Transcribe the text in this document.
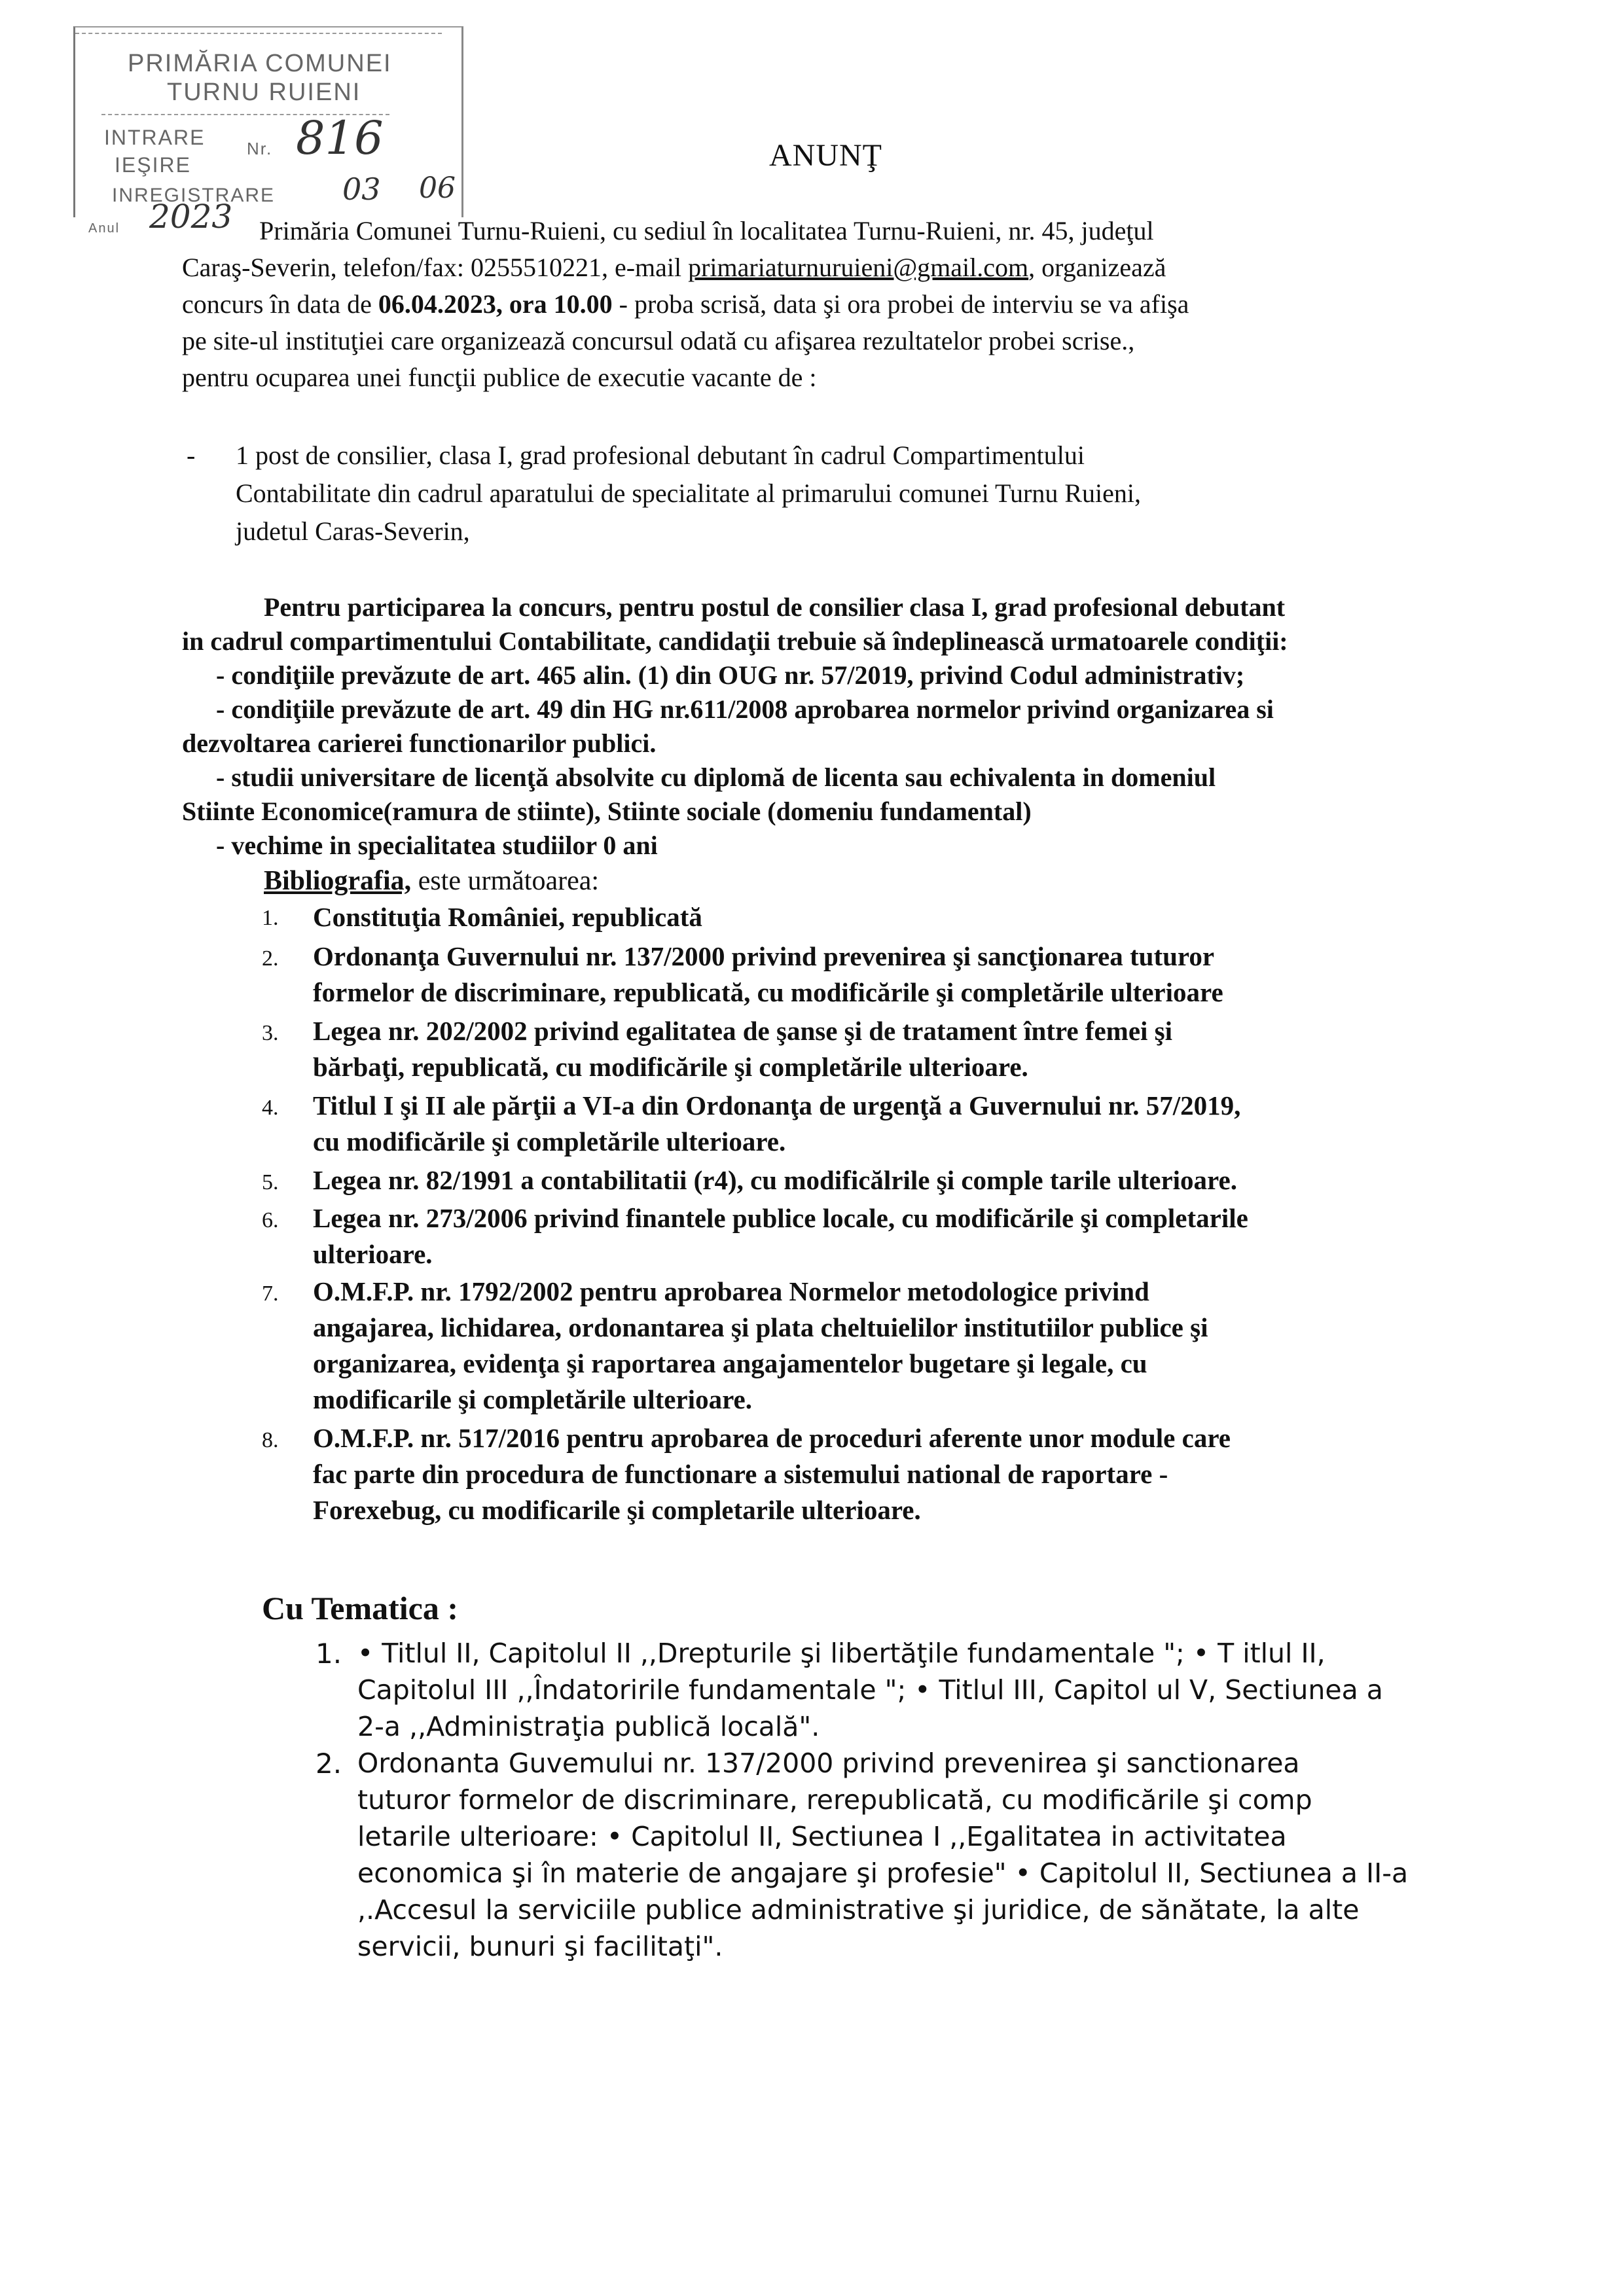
PRIMĂRIA COMUNEI
TURNU RUIENI
INTRARE Nr.
IEŞIRE
INREGISTRARE
Anul
816
03 06
2023
ANUNŢ
Primăria Comunei Turnu-Ruieni, cu sediul în localitatea Turnu-Ruieni, nr. 45, judeţul
Caraş-Severin, telefon/fax: 0255510221, e-mail primariaturnuruieni@gmail.com, organizează
concurs în data de 06.04.2023, ora 10.00 - proba scrisă, data şi ora probei de interviu se va afişa
pe site-ul instituţiei care organizează concursul odată cu afişarea rezultatelor probei scrise.,
pentru ocuparea unei funcţii publice de executie vacante de :
- 1 post de consilier, clasa I, grad profesional debutant în cadrul Compartimentului
Contabilitate din cadrul aparatului de specialitate al primarului comunei Turnu Ruieni,
judetul Caras-Severin,
Pentru participarea la concurs, pentru postul de consilier clasa I, grad profesional debutant
in cadrul compartimentului Contabilitate, candidaţii trebuie să îndeplinească urmatoarele condiţii:
- condiţiile prevăzute de art. 465 alin. (1) din OUG nr. 57/2019, privind Codul administrativ;
- condiţiile prevăzute de art. 49 din HG nr.611/2008 aprobarea normelor privind organizarea si
dezvoltarea carierei functionarilor publici.
- studii universitare de licenţă absolvite cu diplomă de licenta sau echivalenta in domeniul
Stiinte Economice(ramura de stiinte), Stiinte sociale (domeniu fundamental)
- vechime in specialitatea studiilor 0 ani
Bibliografia, este următoarea:
1. Constituţia României, republicată
2. Ordonanţa Guvernului nr. 137/2000 privind prevenirea şi sancţionarea tuturor
formelor de discriminare, republicată, cu modificările şi completările ulterioare
3. Legea nr. 202/2002 privind egalitatea de şanse şi de tratament între femei şi
bărbaţi, republicată, cu modificările şi completările ulterioare.
4. Titlul I şi II ale părţii a VI-a din Ordonanţa de urgenţă a Guvernului nr. 57/2019,
cu modificările şi completările ulterioare.
5. Legea nr. 82/1991 a contabilitatii (r4), cu modificălrile şi comple tarile ulterioare.
6. Legea nr. 273/2006 privind finantele publice locale, cu modificările şi completarile
ulterioare.
7. O.M.F.P. nr. 1792/2002 pentru aprobarea Normelor metodologice privind
angajarea, lichidarea, ordonantarea şi plata cheltuielilor institutiilor publice şi
organizarea, evidenţa şi raportarea angajamentelor bugetare şi legale, cu
modificarile şi completările ulterioare.
8. O.M.F.P. nr. 517/2016 pentru aprobarea de proceduri aferente unor module care
fac parte din procedura de functionare a sistemului national de raportare -
Forexebug, cu modificarile şi completarile ulterioare.
Cu Tematica :
1. • Titlul II, Capitolul II ,,Drepturile şi libertăţile fundamentale "; • T itlul II,
Capitolul III ,,Îndatoririle fundamentale "; • Titlul III, Capitol ul V, Sectiunea a
2-a ,,Administraţia publică locală".
2. Ordonanta Guvemului nr. 137/2000 privind prevenirea şi sanctionarea
tuturor formelor de discriminare, rerepublicată, cu modificările şi comp
letarile ulterioare: • Capitolul II, Sectiunea I ,,Egalitatea in activitatea
economica şi în materie de angajare şi profesie" • Capitolul II, Sectiunea a II-a
,.Accesul la serviciile publice administrative şi juridice, de sănătate, la alte
servicii, bunuri şi facilitaţi".
